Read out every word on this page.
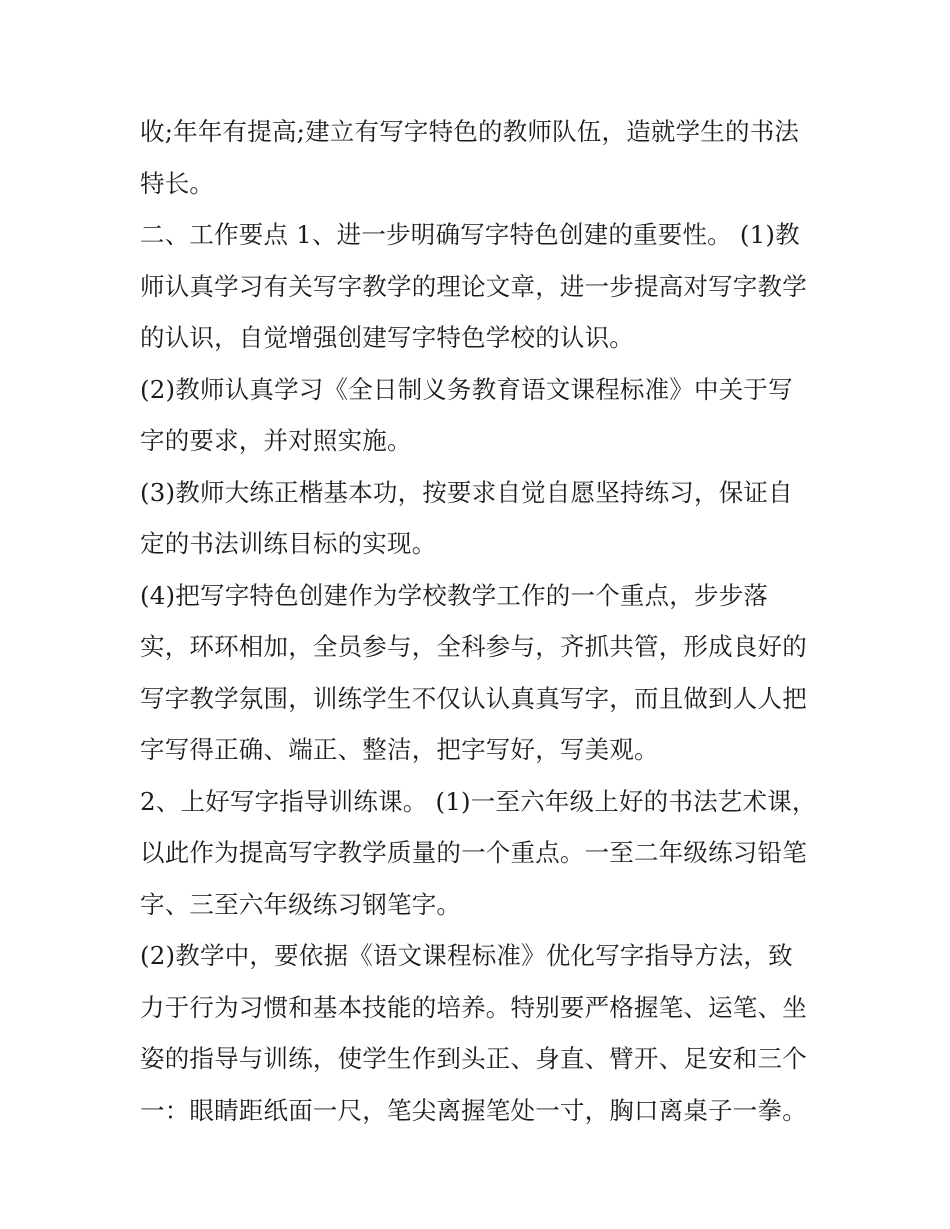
收;年年有提高;建立有写字特色的教师队伍，造就学生的书法
特长。
二、工作要点 1、进一步明确写字特色创建的重要性。 (1)教
师认真学习有关写字教学的理论文章，进一步提高对写字教学
的认识，自觉增强创建写字特色学校的认识。
(2)教师认真学习《全日制义务教育语文课程标准》中关于写
字的要求，并对照实施。
(3)教师大练正楷基本功，按要求自觉自愿坚持练习，保证自
定的书法训练目标的实现。
(4)把写字特色创建作为学校教学工作的一个重点，步步落
实，环环相加，全员参与，全科参与，齐抓共管，形成良好的
写字教学氛围，训练学生不仅认认真真写字，而且做到人人把
字写得正确、端正、整洁，把字写好，写美观。
2、上好写字指导训练课。 (1)一至六年级上好的书法艺术课，
以此作为提高写字教学质量的一个重点。一至二年级练习铅笔
字、三至六年级练习钢笔字。
(2)教学中，要依据《语文课程标准》优化写字指导方法，致
力于行为习惯和基本技能的培养。特别要严格握笔、运笔、坐
姿的指导与训练，使学生作到头正、身直、臂开、足安和三个
一：眼睛距纸面一尺，笔尖离握笔处一寸，胸口离桌子一拳。
